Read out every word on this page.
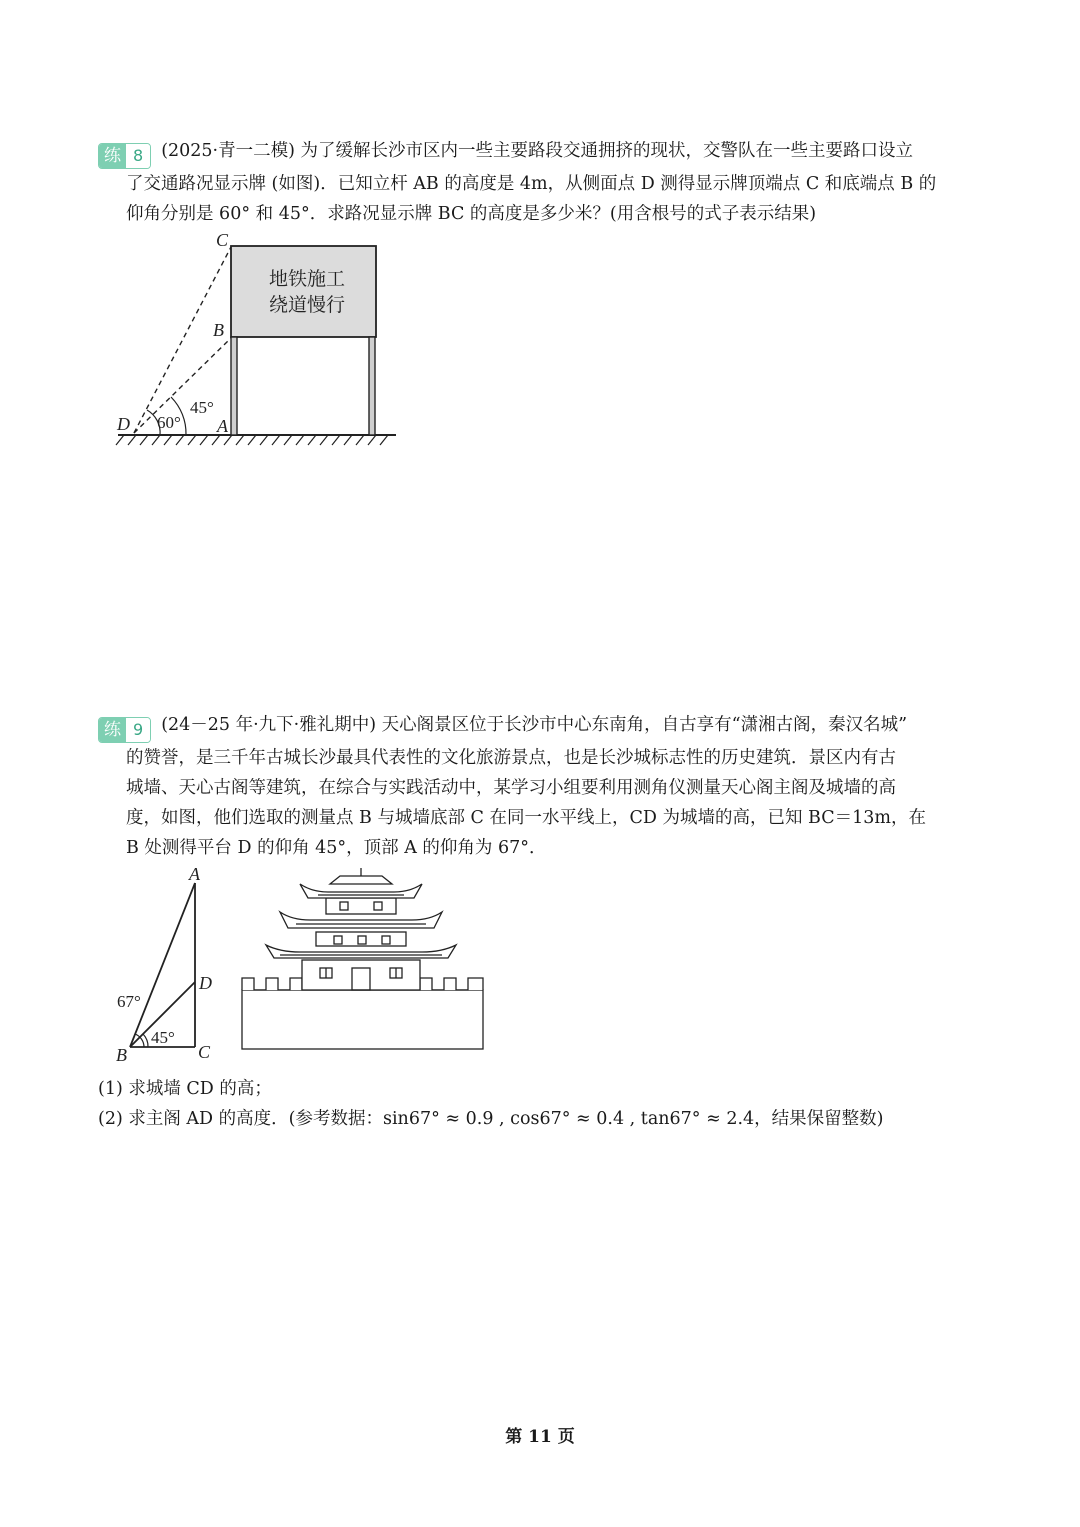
练 8	(2025·青一二模) 为了缓解长沙市区内一些主要路段交通拥挤的现状，交警队在一些主要路口设立
了交通路况显示牌 (如图)．已知立杆 AB 的高度是 4m，从侧面点 D 测得显示牌顶端点 C 和底端点 B 的
仰角分别是 60° 和 45°．求路况显示牌 BC 的高度是多少米？(用含根号的式子表示结果)

地铁施工
绕道慢行
C
B
D	A
60°
45°

练 9	(24－25 年·九下·雅礼期中) 天心阁景区位于长沙市中心东南角，自古享有“潇湘古阁，秦汉名城”
的赞誉，是三千年古城长沙最具代表性的文化旅游景点，也是长沙城标志性的历史建筑．景区内有古
城墙、天心古阁等建筑，在综合与实践活动中，某学习小组要利用测角仪测量天心阁主阁及城墙的高
度，如图，他们选取的测量点 B 与城墙底部 C 在同一水平线上，CD 为城墙的高，已知 BC＝13m，在
B 处测得平台 D 的仰角 45°，顶部 A 的仰角为 67°．

A
D
B	C
67°
45°

(1) 求城墙 CD 的高；

(2) 求主阁 AD 的高度．(参考数据：sin67° ≈ 0.9 , cos67° ≈ 0.4 , tan67° ≈ 2.4，结果保留整数)

第 11 页
